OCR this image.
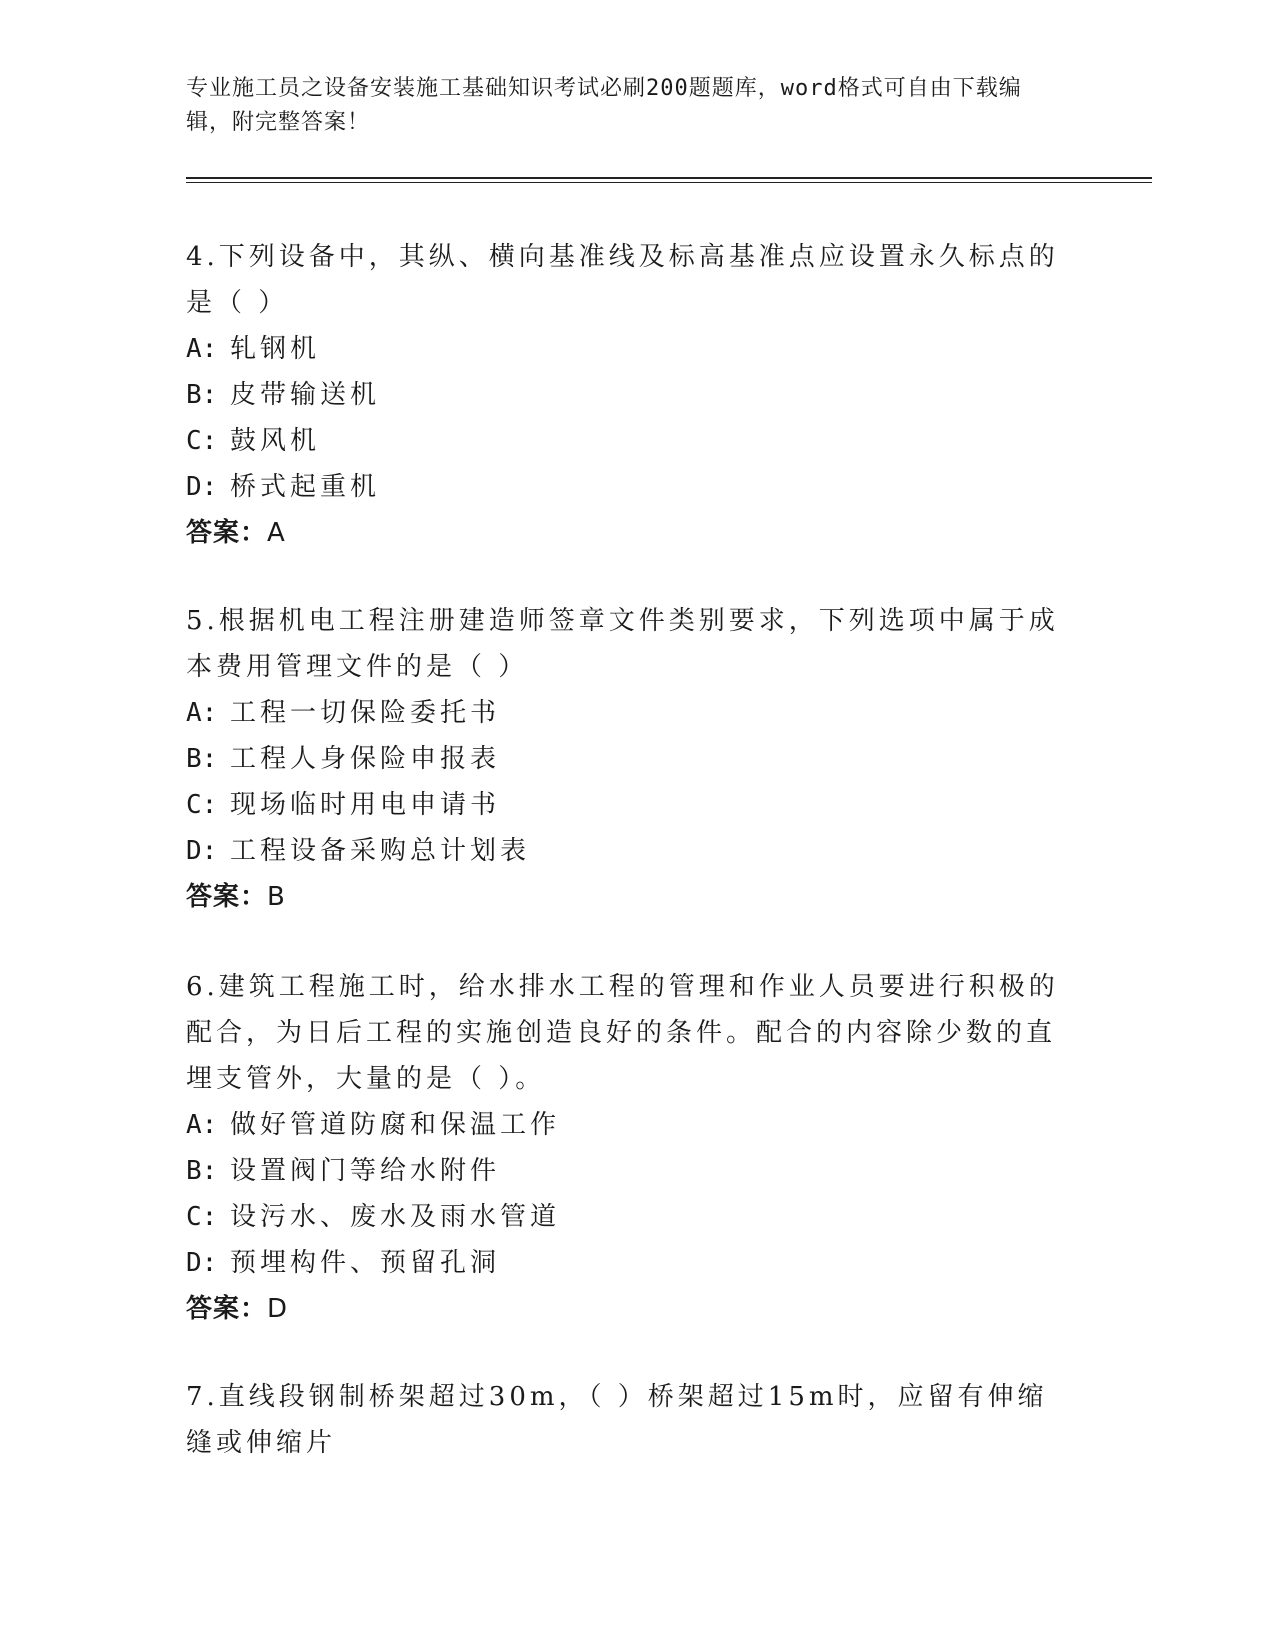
专业施工员之设备安装施工基础知识考试必刷200题题库，word格式可自由下载编辑，附完整答案！

4.下列设备中，其纵、横向基准线及标高基准点应设置永久标点的是（ ）

A: 轧钢机

B: 皮带输送机

C: 鼓风机

D: 桥式起重机

答案：A

5.根据机电工程注册建造师签章文件类别要求，下列选项中属于成本费用管理文件的是（ ）

A: 工程一切保险委托书

B: 工程人身保险申报表

C: 现场临时用电申请书

D: 工程设备采购总计划表

答案：B

6.建筑工程施工时，给水排水工程的管理和作业人员要进行积极的配合，为日后工程的实施创造良好的条件。配合的内容除少数的直埋支管外，大量的是（ ）。

A: 做好管道防腐和保温工作

B: 设置阀门等给水附件

C: 设污水、废水及雨水管道

D: 预埋构件、预留孔洞

答案：D

7.直线段钢制桥架超过30m，（ ）桥架超过15m时，应留有伸缩缝或伸缩片
